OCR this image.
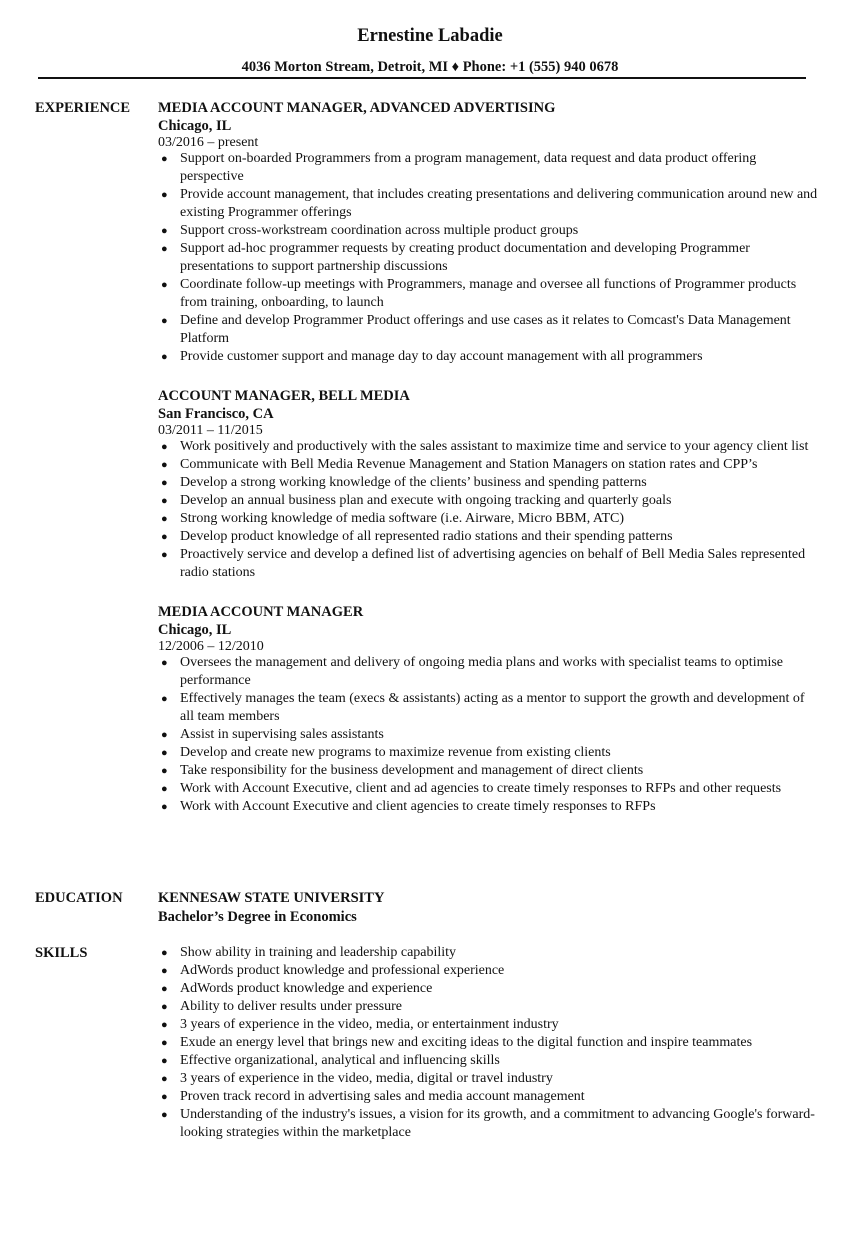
Ernestine Labadie
4036 Morton Stream, Detroit, MI ♦ Phone: +1 (555) 940 0678
EXPERIENCE MEDIA ACCOUNT MANAGER, ADVANCED ADVERTISING
Chicago, IL
03/2016 – present
● Support on-boarded Programmers from a program management, data request and data product offering perspective
● Provide account management, that includes creating presentations and delivering communication around new and existing Programmer offerings
● Support cross-workstream coordination across multiple product groups
● Support ad-hoc programmer requests by creating product documentation and developing Programmer presentations to support partnership discussions
● Coordinate follow-up meetings with Programmers, manage and oversee all functions of Programmer products from training, onboarding, to launch
● Define and develop Programmer Product offerings and use cases as it relates to Comcast's Data Management Platform
● Provide customer support and manage day to day account management with all programmers
ACCOUNT MANAGER, BELL MEDIA
San Francisco, CA
03/2011 – 11/2015
● Work positively and productively with the sales assistant to maximize time and service to your agency client list
● Communicate with Bell Media Revenue Management and Station Managers on station rates and CPP’s
● Develop a strong working knowledge of the clients’ business and spending patterns
● Develop an annual business plan and execute with ongoing tracking and quarterly goals
● Strong working knowledge of media software (i.e. Airware, Micro BBM, ATC)
● Develop product knowledge of all represented radio stations and their spending patterns
● Proactively service and develop a defined list of advertising agencies on behalf of Bell Media Sales represented radio stations
MEDIA ACCOUNT MANAGER
Chicago, IL
12/2006 – 12/2010
● Oversees the management and delivery of ongoing media plans and works with specialist teams to optimise performance
● Effectively manages the team (execs & assistants) acting as a mentor to support the growth and development of all team members
● Assist in supervising sales assistants
● Develop and create new programs to maximize revenue from existing clients
● Take responsibility for the business development and management of direct clients
● Work with Account Executive, client and ad agencies to create timely responses to RFPs and other requests
● Work with Account Executive and client agencies to create timely responses to RFPs
EDUCATION KENNESAW STATE UNIVERSITY
Bachelor’s Degree in Economics
SKILLS	● Show ability in training and leadership capability
● AdWords product knowledge and professional experience
● AdWords product knowledge and experience
● Ability to deliver results under pressure
● 3 years of experience in the video, media, or entertainment industry
● Exude an energy level that brings new and exciting ideas to the digital function and inspire teammates
● Effective organizational, analytical and influencing skills
● 3 years of experience in the video, media, digital or travel industry
● Proven track record in advertising sales and media account management
● Understanding of the industry's issues, a vision for its growth, and a commitment to advancing Google's forward-looking strategies within the marketplace
